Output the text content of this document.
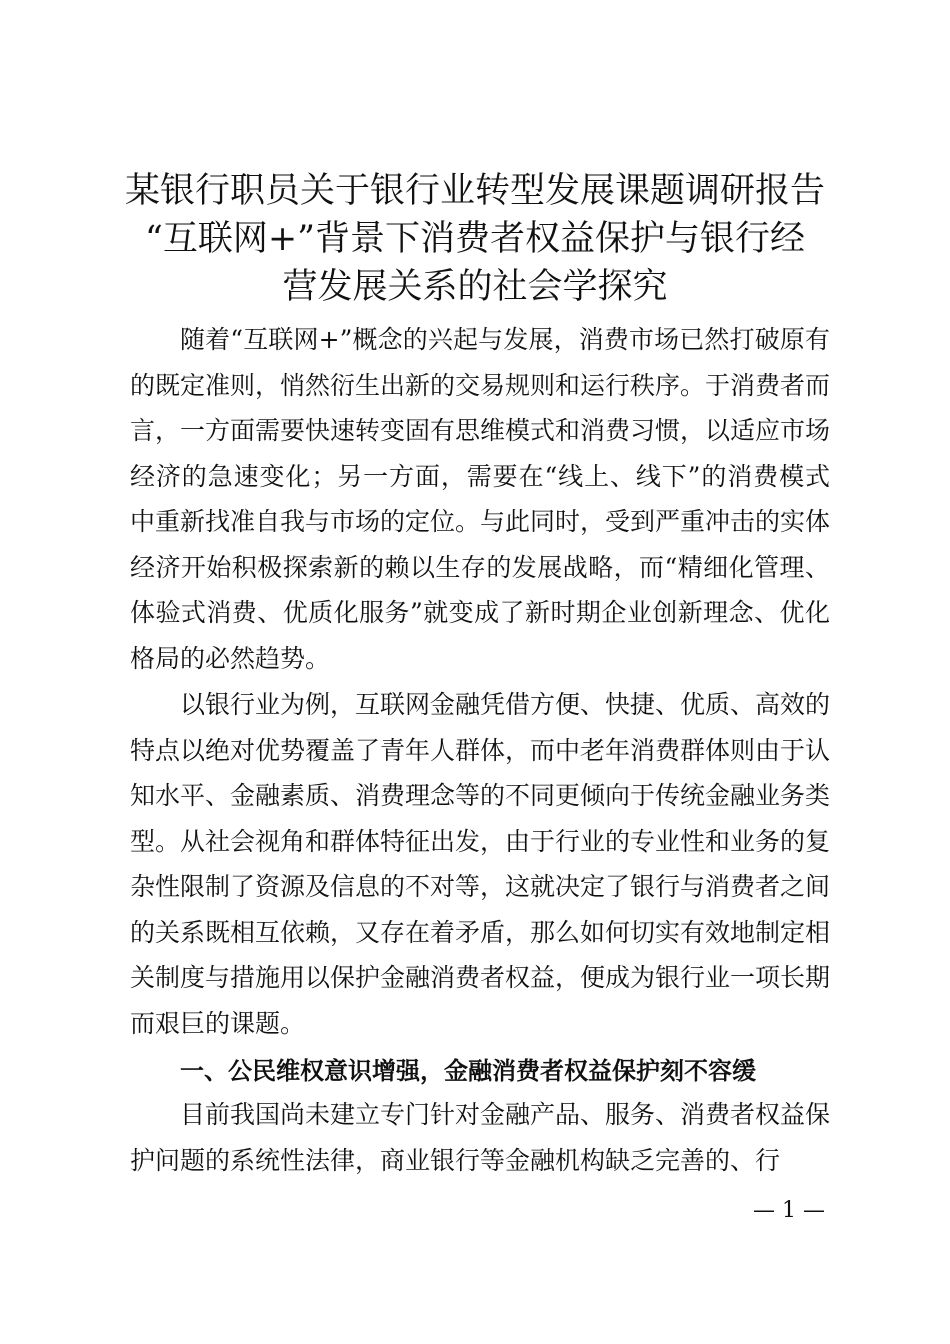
某银行职员关于银行业转型发展课题调研报告
“互联网+”背景下消费者权益保护与银行经
营发展关系的社会学探究
随着“互联网+”概念的兴起与发展，消费市场已然打破原有的既定准则，悄然衍生出新的交易规则和运行秩序。于消费者而言，一方面需要快速转变固有思维模式和消费习惯，以适应市场经济的急速变化；另一方面，需要在“线上、线下”的消费模式中重新找准自我与市场的定位。与此同时，受到严重冲击的实体经济开始积极探索新的赖以生存的发展战略，而“精细化管理、体验式消费、优质化服务”就变成了新时期企业创新理念、优化格局的必然趋势。
以银行业为例，互联网金融凭借方便、快捷、优质、高效的特点以绝对优势覆盖了青年人群体，而中老年消费群体则由于认知水平、金融素质、消费理念等的不同更倾向于传统金融业务类型。从社会视角和群体特征出发，由于行业的专业性和业务的复杂性限制了资源及信息的不对等，这就决定了银行与消费者之间的关系既相互依赖，又存在着矛盾，那么如何切实有效地制定相关制度与措施用以保护金融消费者权益，便成为银行业一项长期而艰巨的课题。
一、公民维权意识增强，金融消费者权益保护刻不容缓
目前我国尚未建立专门针对金融产品、服务、消费者权益保护问题的系统性法律，商业银行等金融机构缺乏完善的、行
— 1 —
